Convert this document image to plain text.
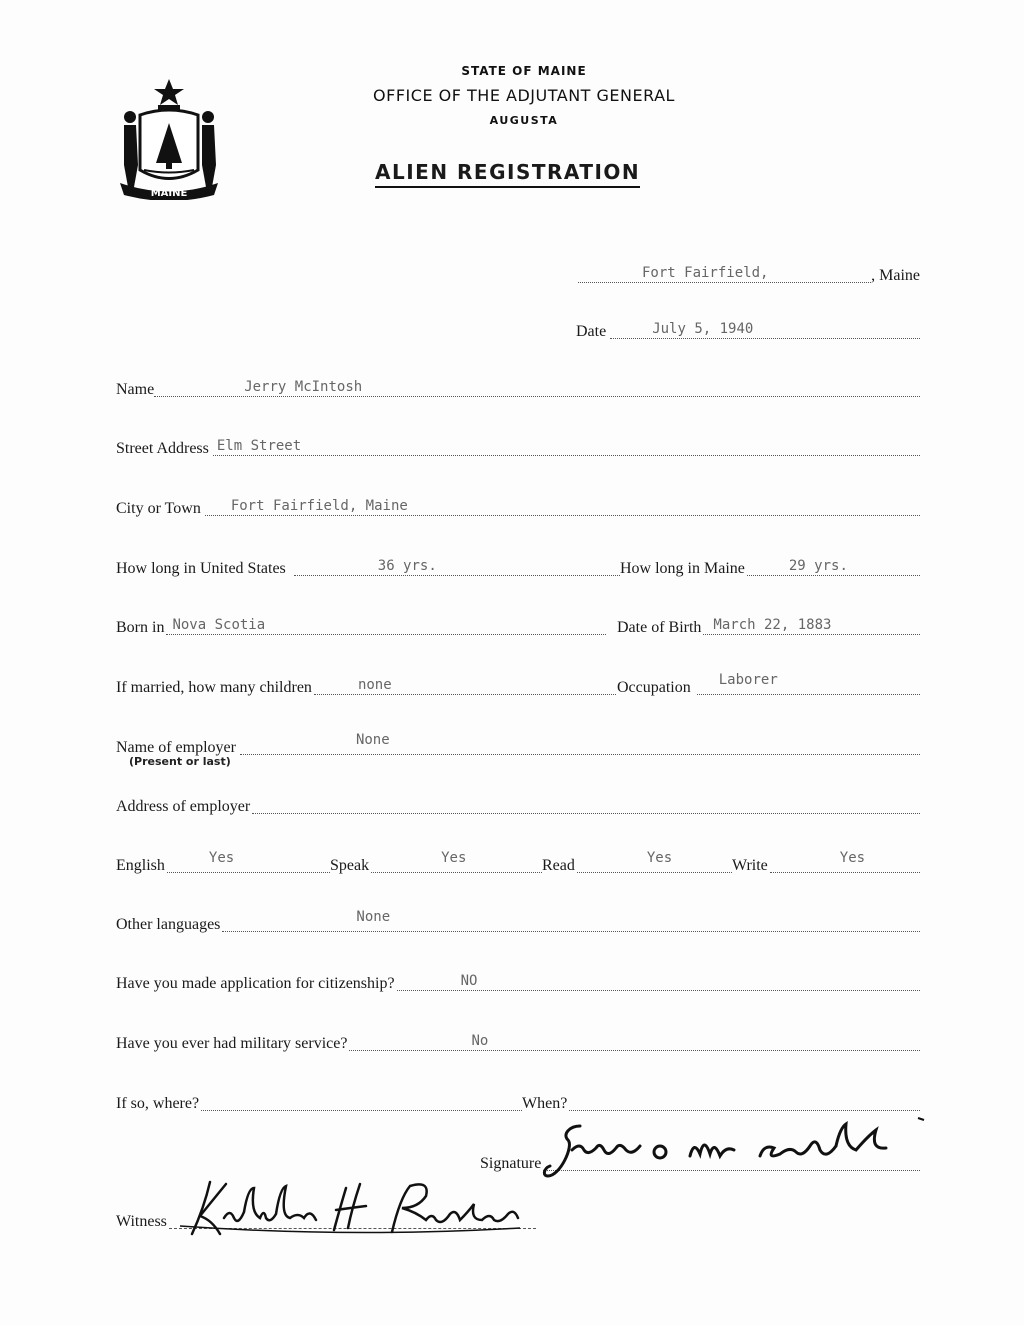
MAINE
STATE OF MAINE
OFFICE OF THE ADJUTANT GENERAL
AUGUSTA
ALIEN REGISTRATION
Fort Fairfield,	, Maine
Date	July 5, 1940
Name	Jerry McIntosh
Street Address Elm Street
City or Town Fort Fairfield, Maine
How long in United States	36 yrs.	How long in Maine	29 yrs.
Born in Nova Scotia	Date of Birth March 22, 1883
If married, how many children	none	Occupation Laborer
Name of employer	None
(Present or last)
Address of employer
English	Yes	Speak	Yes	Read	Yes	Write	Yes
Other languages	None
Have you made application for citizenship?	NO
Have you ever had military service?	No
If so, where?	When?
Signature
Witness
